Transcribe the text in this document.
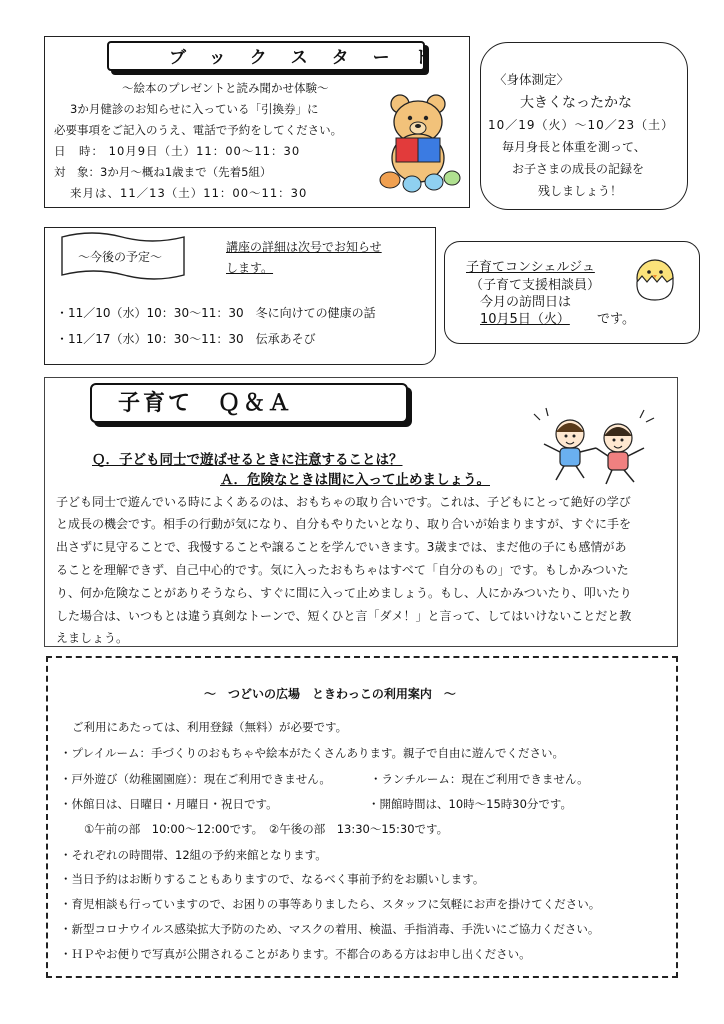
ブックスタート
～絵本のプレゼントと読み聞かせ体験～
3か月健診のお知らせに入っている「引換券」に
必要事項をご記入のうえ、電話で予約をしてください。
日　時： 10月9日（土）11：00～11：30
対　象：3か月～概ね1歳まで（先着5組）
来月は、11／13（土）11：00～11：30
〈身体測定〉
大きくなったかな
10／19（火）～10／23（土）
毎月身長と体重を測って、
お子さまの成長の記録を
残しましょう！
～今後の予定～
講座の詳細は次号でお知らせ
します。
・11／10（水）10：30～11：30　冬に向けての健康の話
・11／17（水）10：30～11：30　伝承あそび
子育てコンシェルジュ
（子育て支援相談員）
今月の訪問日は
10月5日（火） です。
子育て　Ｑ＆Ａ
Ｑ．子ども同士で遊ばせるときに注意することは？
Ａ．危険なときは間に入って止めましょう。
子ども同士で遊んでいる時によくあるのは、おもちゃの取り合いです。これは、子どもにとって絶好の学び
と成長の機会です。相手の行動が気になり、自分もやりたいとなり、取り合いが始まりますが、すぐに手を
出さずに見守ることで、我慢することや譲ることを学んでいきます。3歳までは、まだ他の子にも感情があ
ることを理解できず、自己中心的です。気に入ったおもちゃはすべて「自分のもの」です。もしかみついた
り、何か危険なことがありそうなら、すぐに間に入って止めましょう。もし、人にかみついたり、叩いたり
した場合は、いつもとは違う真剣なトーンで、短くひと言「ダメ！」と言って、してはいけないことだと教
えましょう。
～　つどいの広場　ときわっこの利用案内　～
ご利用にあたっては、利用登録（無料）が必要です。
・プレイルーム：手づくりのおもちゃや絵本がたくさんあります。親子で自由に遊んでください。
・戸外遊び（幼稚園園庭）：現在ご利用できません。	・ランチルーム：現在ご利用できません。
・休館日は、日曜日・月曜日・祝日です。	・開館時間は、10時～15時30分です。
①午前の部　10:00～12:00です。　②午後の部　13:30～15:30です。
・それぞれの時間帯、12組の予約来館となります。
・当日予約はお断りすることもありますので、なるべく事前予約をお願いします。
・育児相談も行っていますので、お困りの事等ありましたら、スタッフに気軽にお声を掛けてください。
・新型コロナウイルス感染拡大予防のため、マスクの着用、検温、手指消毒、手洗いにご協力ください。
・ＨＰやお便りで写真が公開されることがあります。不都合のある方はお申し出ください。
